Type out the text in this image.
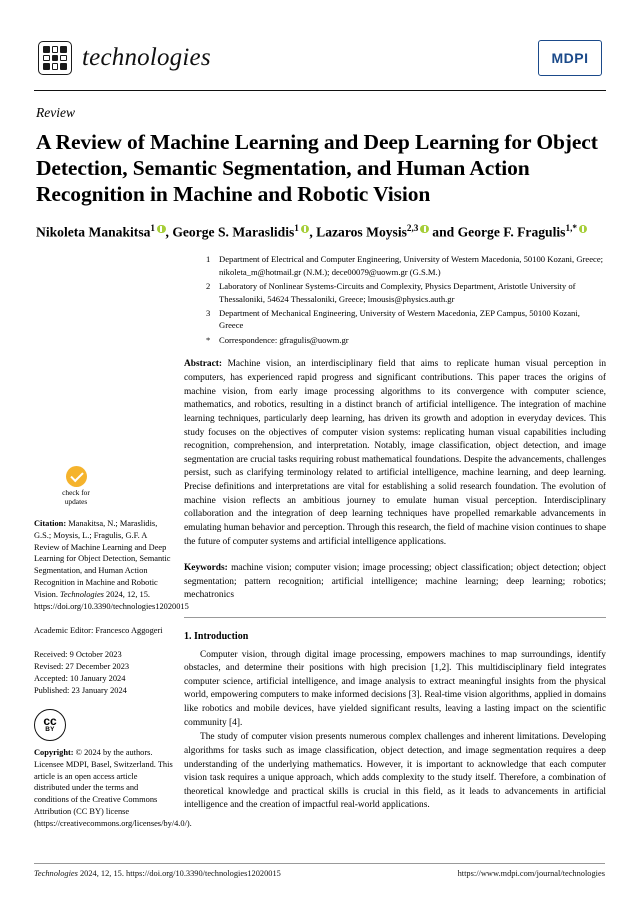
technologies	MDPI
Review
A Review of Machine Learning and Deep Learning for Object Detection, Semantic Segmentation, and Human Action Recognition in Machine and Robotic Vision
Nikoleta Manakitsa$^1$ , George S. Maraslidis$^1$ , Lazaros Moysis$^{2,3}$ and George F. Fragulis$^{1,*}$
1	Department of Electrical and Computer Engineering, University of Western Macedonia, 50100 Kozani, Greece; nikoleta_m@hotmail.gr (N.M.); dece00079@uowm.gr (G.S.M.)
2	Laboratory of Nonlinear Systems-Circuits and Complexity, Physics Department, Aristotle University of Thessaloniki, 54624 Thessaloniki, Greece; lmousis@physics.auth.gr
3	Department of Mechanical Engineering, University of Western Macedonia, ZEP Campus, 50100 Kozani, Greece
*	Correspondence: gfragulis@uowm.gr
check for
updates
Citation: Manakitsa, N.; Maraslidis, G.S.; Moysis, L.; Fragulis, G.F. A Review of Machine Learning and Deep Learning for Object Detection, Semantic Segmentation, and Human Action Recognition in Machine and Robotic Vision. Technologies 2024, 12, 15. https://doi.org/10.3390/technologies12020015
Academic Editor: Francesco Aggogeri
Received: 9 October 2023
Revised: 27 December 2023
Accepted: 10 January 2024
Published: 23 January 2024
cc
BY
Copyright: © 2024 by the authors. Licensee MDPI, Basel, Switzerland. This article is an open access article distributed under the terms and conditions of the Creative Commons Attribution (CC BY) license (https://creativecommons.org/licenses/by/4.0/).
Abstract: Machine vision, an interdisciplinary field that aims to replicate human visual perception in computers, has experienced rapid progress and significant contributions. This paper traces the origins of machine vision, from early image processing algorithms to its convergence with computer science, mathematics, and robotics, resulting in a distinct branch of artificial intelligence. The integration of machine learning techniques, particularly deep learning, has driven its growth and adoption in everyday devices. This study focuses on the objectives of computer vision systems: replicating human visual capabilities including recognition, comprehension, and interpretation. Notably, image classification, object detection, and image segmentation are crucial tasks requiring robust mathematical foundations. Despite the advancements, challenges persist, such as clarifying terminology related to artificial intelligence, machine learning, and deep learning. Precise definitions and interpretations are vital for establishing a solid research foundation. The evolution of machine vision reflects an ambitious journey to emulate human visual perception. Interdisciplinary collaboration and the integration of deep learning techniques have propelled remarkable advancements in emulating human behavior and perception. Through this research, the field of machine vision continues to shape the future of computer systems and artificial intelligence applications.
Keywords: machine vision; computer vision; image processing; object classification; object detection; object segmentation; pattern recognition; artificial intelligence; machine learning; deep learning; robotics; mechatronics
1. Introduction

Computer vision, through digital image processing, empowers machines to map surroundings, identify obstacles, and determine their positions with high precision [1,2]. This multidisciplinary field integrates computer science, artificial intelligence, and image analysis to extract meaningful insights from the physical world, empowering computers to make informed decisions [3]. Real-time vision algorithms, applied in domains like robotics and mobile devices, have yielded significant results, leaving a lasting impact on the scientific community [4].

The study of computer vision presents numerous complex challenges and inherent limitations. Developing algorithms for tasks such as image classification, object detection, and image segmentation requires a deep understanding of the underlying mathematics. However, it is important to acknowledge that each computer vision task requires a unique approach, which adds complexity to the study itself. Therefore, a combination of theoretical knowledge and practical skills is crucial in this field, as it leads to advancements in artificial intelligence and the creation of impactful real-world applications.

Technologies 2024, 12, 15. https://doi.org/10.3390/technologies12020015	https://www.mdpi.com/journal/technologies
